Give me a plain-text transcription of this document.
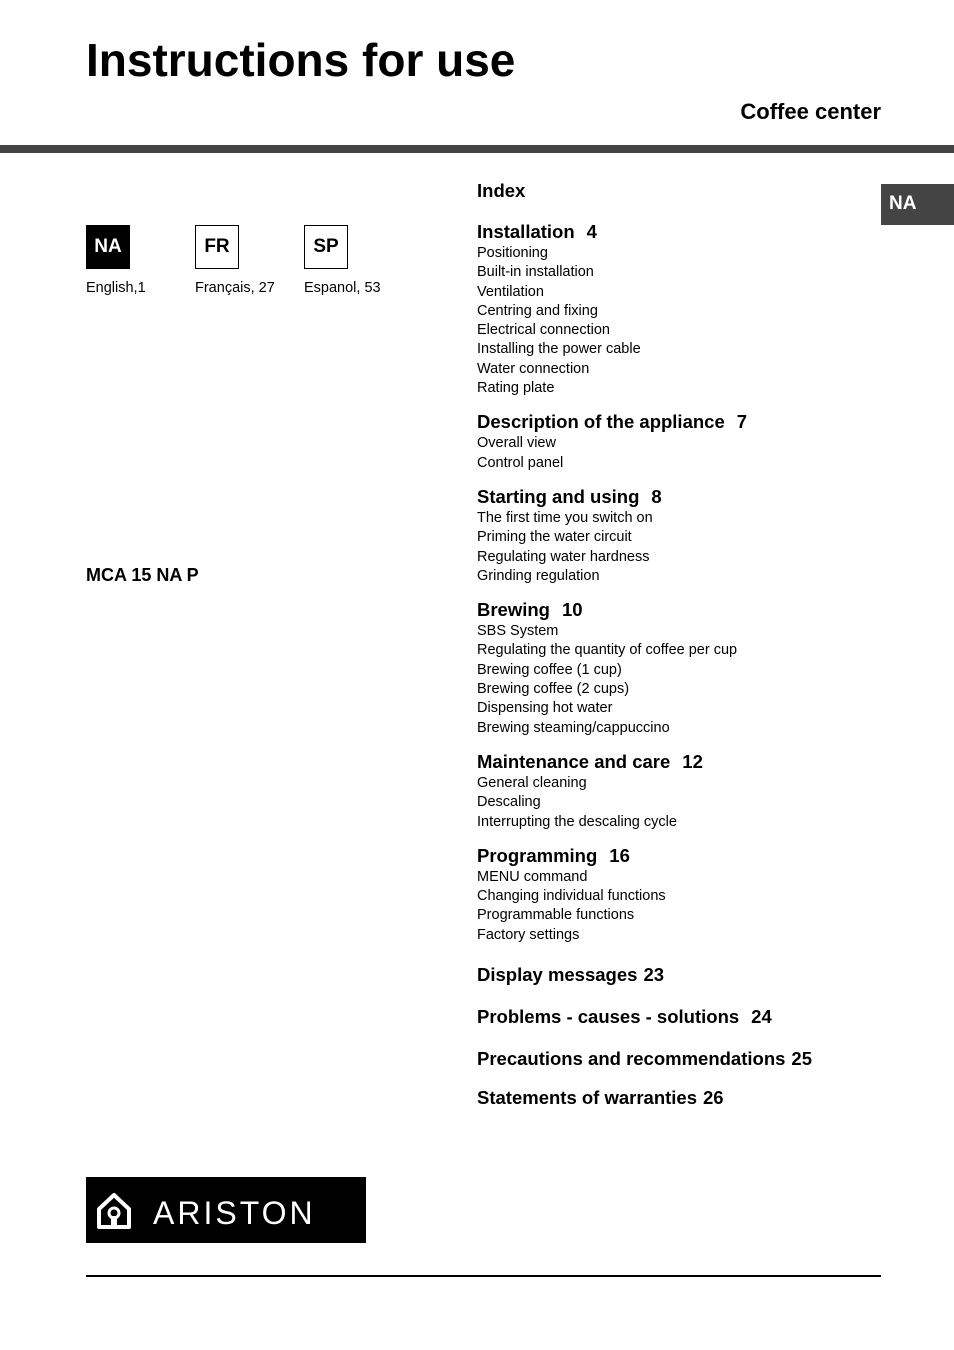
Instructions for use
Coffee center
NA
NA
English,1
FR
Français, 27
SP
Espanol, 53
MCA 15 NA P
Index
Installation 4
Positioning
Built-in installation
Ventilation
Centring and fixing
Electrical connection
Installing the power cable
Water connection
Rating plate
Description of the appliance 7
Overall view
Control panel
Starting and using 8
The first time you switch on
Priming the water circuit
Regulating water hardness
Grinding regulation
Brewing 10
SBS System
Regulating the quantity of coffee per cup
Brewing coffee (1 cup)
Brewing coffee (2 cups)
Dispensing hot water
Brewing steaming/cappuccino
Maintenance and care 12
General cleaning
Descaling
Interrupting the descaling cycle
Programming 16
MENU command
Changing individual functions
Programmable functions
Factory settings
Display messages 23
Problems - causes - solutions 24
Precautions and recommendations 25
Statements of warranties 26
ARISTON
